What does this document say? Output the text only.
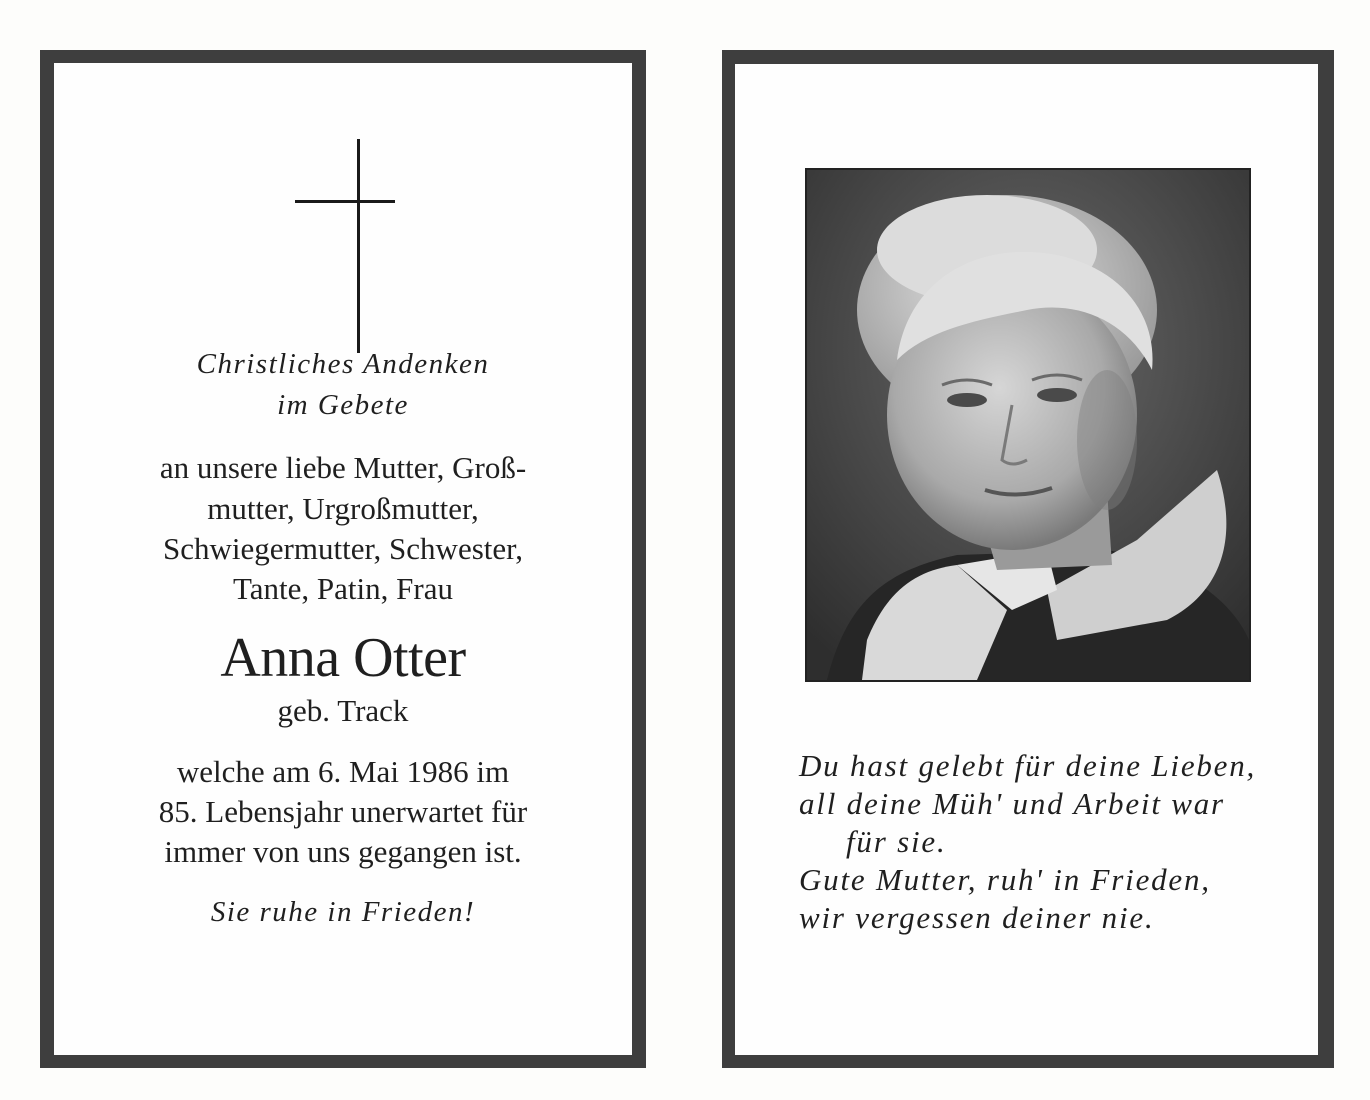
Christliches Andenken
im Gebete
an unsere liebe Mutter, Groß-
mutter, Urgroßmutter,
Schwiegermutter, Schwester,
Tante, Patin, Frau
Anna Otter
geb. Track
welche am 6. Mai 1986 im
85. Lebensjahr unerwartet für
immer von uns gegangen ist.
Sie ruhe in Frieden!
Du hast gelebt für deine Lieben,
all deine Müh' und Arbeit war
für sie.
Gute Mutter, ruh' in Frieden,
wir vergessen deiner nie.
